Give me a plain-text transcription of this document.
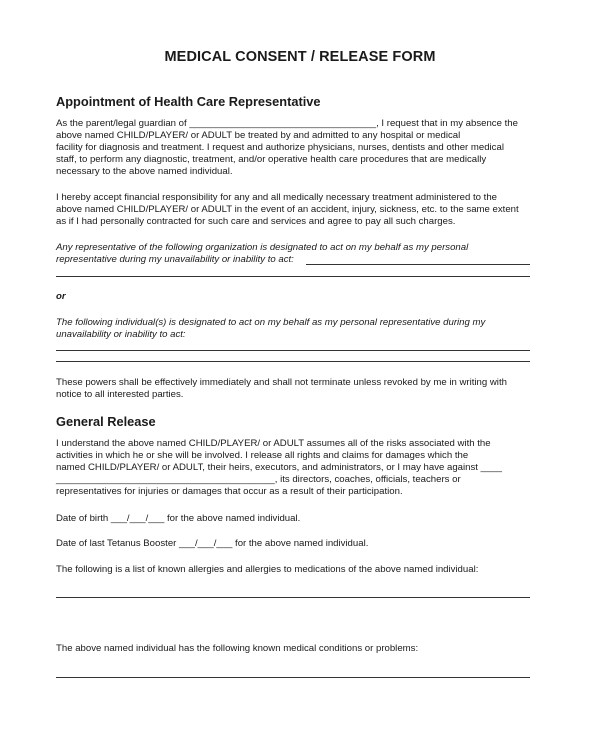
MEDICAL CONSENT / RELEASE FORM
Appointment of Health Care Representative
As the parent/legal guardian of ___________________________________, I request that in my absence the
above named CHILD/PLAYER/ or ADULT be treated by and admitted to any hospital or medical
facility for diagnosis and treatment. I request and authorize physicians, nurses, dentists and other medical
staff, to perform any diagnostic, treatment, and/or operative health care procedures that are medically
necessary to the above named individual.
I hereby accept financial responsibility for any and all medically necessary treatment administered to the
above named CHILD/PLAYER/ or ADULT in the event of an accident, injury, sickness, etc. to the same extent
as if I had personally contracted for such care and services and agree to pay all such charges.
Any representative of the following organization is designated to act on my behalf as my personal
representative during my unavailability or inability to act:
or
The following individual(s) is designated to act on my behalf as my personal representative during my
unavailability or inability to act:
These powers shall be effectively immediately and shall not terminate unless revoked by me in writing with
notice to all interested parties.
General Release
I understand the above named CHILD/PLAYER/ or ADULT assumes all of the risks associated with the
activities in which he or she will be involved. I release all rights and claims for damages which the
named CHILD/PLAYER/ or ADULT, their heirs, executors, and administrators, or I may have against ____
_________________________________________, its directors, coaches, officials, teachers or
representatives for injuries or damages that occur as a result of their participation.
Date of birth ___/___/___ for the above named individual.
Date of last Tetanus Booster ___/___/___ for the above named individual.
The following is a list of known allergies and allergies to medications of the above named individual:
The above named individual has the following known medical conditions or problems:
